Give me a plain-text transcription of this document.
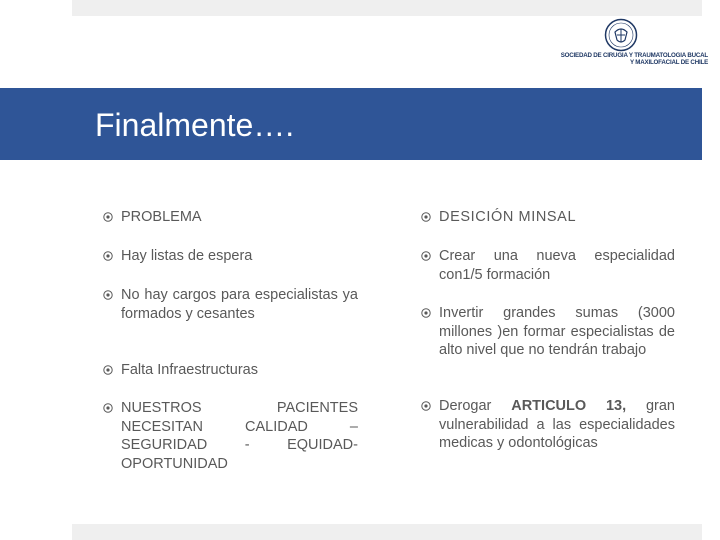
SOCIEDAD DE CIRUGIA Y TRAUMATOLOGIA BUCAL
Y MAXILOFACIAL DE CHILE
Finalmente….
PROBLEMA
Hay listas de espera
No hay cargos para especialistas ya formados y cesantes
Falta Infraestructuras
NUESTROS PACIENTES NECESITAN CALIDAD – SEGURIDAD - EQUIDAD-OPORTUNIDAD
DESICIÓN MINSAL
Crear una nueva especialidad con1/5 formación
Invertir grandes sumas (3000 millones )en formar especialistas de alto nivel que no tendrán trabajo
Derogar ARTICULO 13, gran vulnerabilidad a las especialidades medicas y odontológicas
